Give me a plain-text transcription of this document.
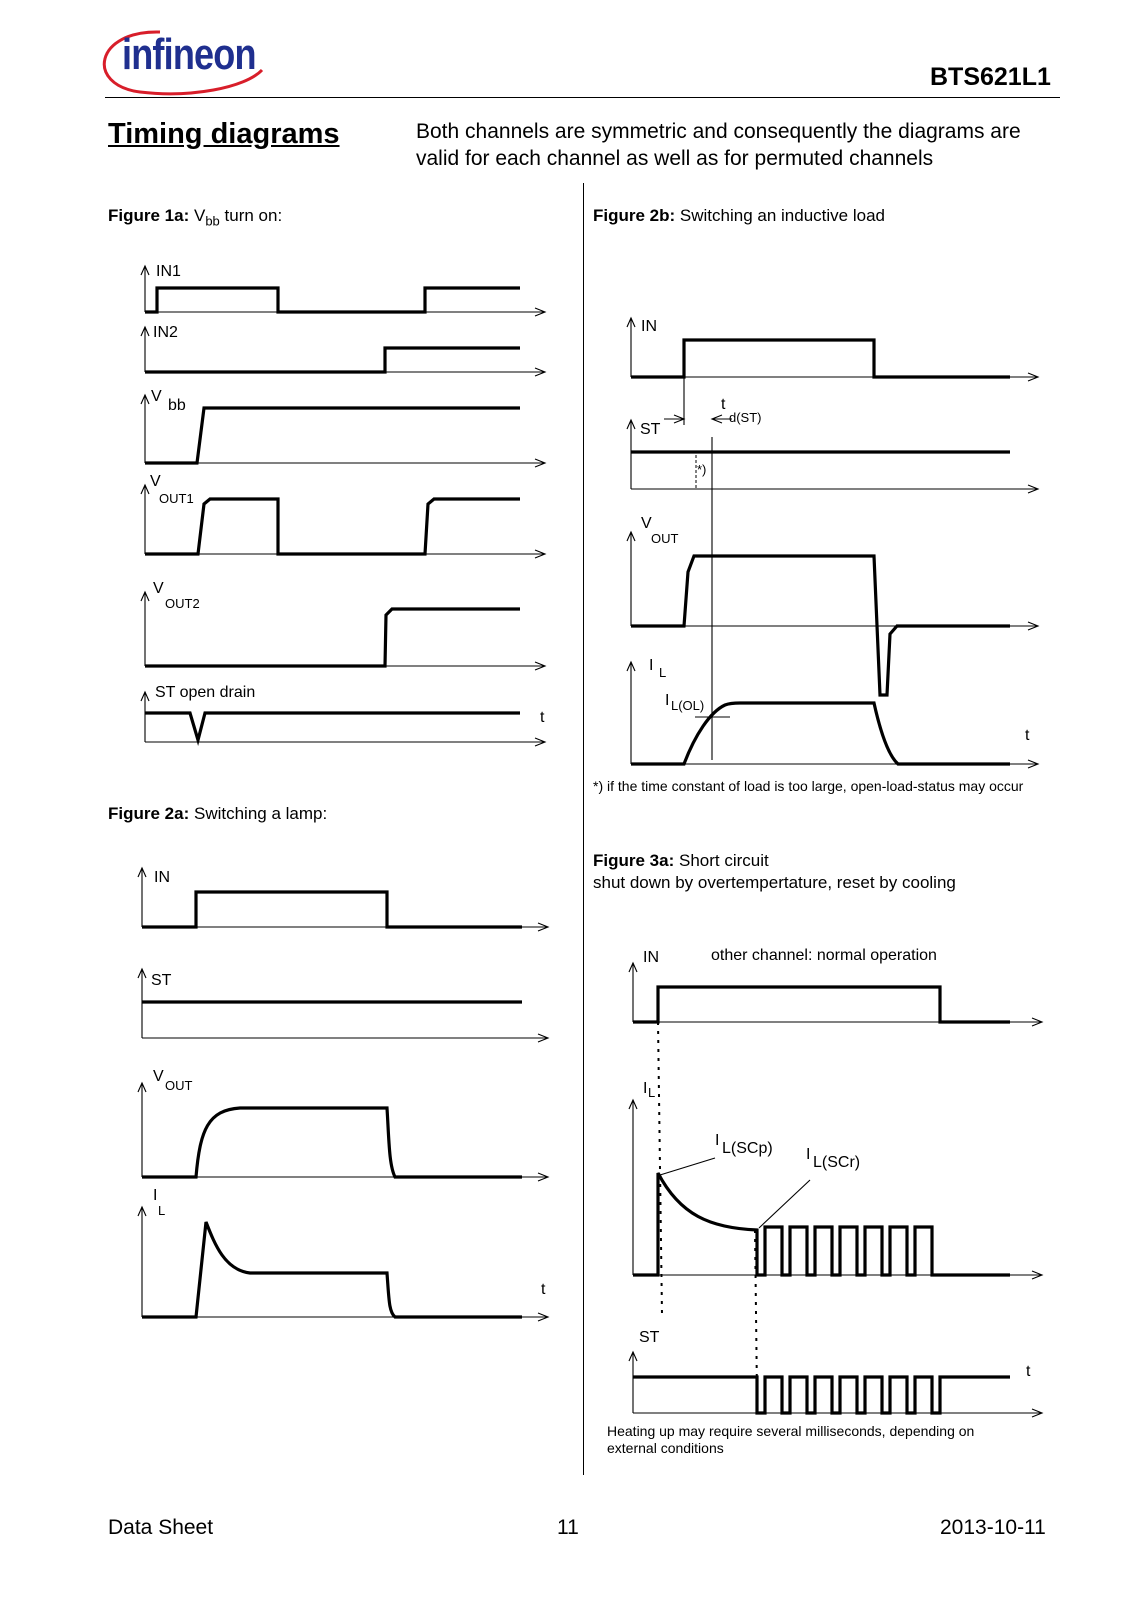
infineon	BTS621L1
Timing diagrams	Both channels are symmetric and consequently the diagrams are valid for each channel as well as for permuted channels
Figure 1a: $V_{bb}$ turn on:	Figure 2b: Switching an inductive load
Figure 2a: Switching a lamp:
Figure 3a: Short circuit
shut down by overtempertature, reset by cooling
*) if the time constant of load is too large, open-load-status may occur
Heating up may require several milliseconds, depending on external conditions
Data Sheet	11	2013-10-11
IN1
IN2
V
bb
V
OUT1
V
OUT2
ST open drain
t
IN
ST
V
OUT
I
L
t
IN
t
d(ST)
*)
ST
V
OUT
I L
I L(OL)
t
IN	other channel: normal operation
I L
I L(SCp) I L(SCr)
ST
t
